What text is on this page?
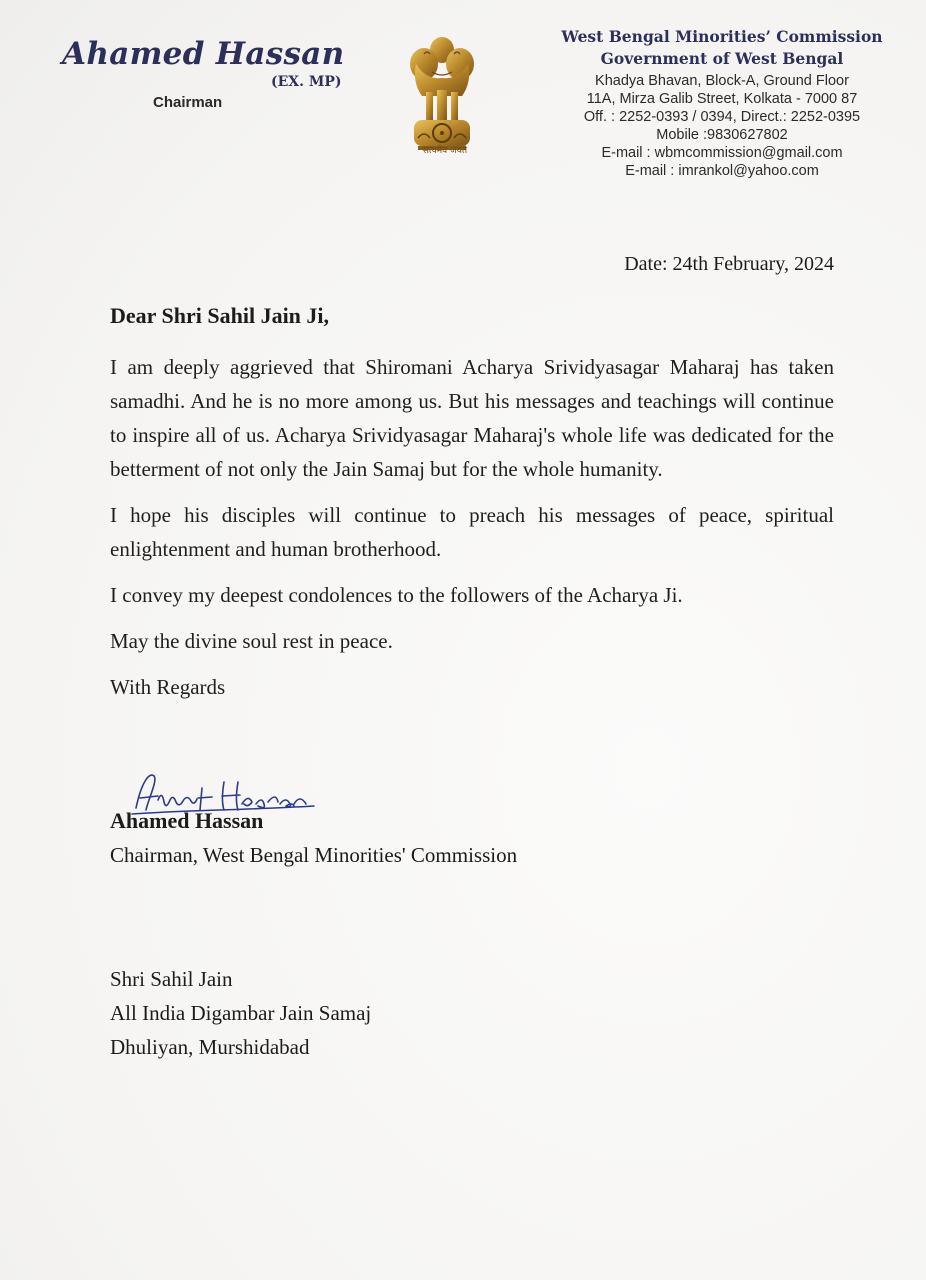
Ahamed Hassan
(EX. MP)
Chairman
सत्यमेव जयते
West Bengal Minorities’ Commission
Government of West Bengal
Khadya Bhavan, Block-A, Ground Floor
11A, Mirza Galib Street, Kolkata - 7000 87
Off. : 2252-0393 / 0394, Direct.: 2252-0395
Mobile :9830627802
E-mail : wbmcommission@gmail.com
E-mail : imrankol@yahoo.com
Date: 24th February, 2024
Dear Shri Sahil Jain Ji,

I am deeply aggrieved that Shiromani Acharya Srividyasagar Maharaj has taken samadhi. And he is no more among us. But his messages and teachings will continue to inspire all of us. Acharya Srividyasagar Maharaj's whole life was dedicated for the betterment of not only the Jain Samaj but for the whole humanity.

I hope his disciples will continue to preach his messages of peace, spiritual enlightenment and human brotherhood.

I convey my deepest condolences to the followers of the Acharya Ji.

May the divine soul rest in peace.

With Regards

Ahamed Hassan
Chairman, West Bengal Minorities' Commission
Shri Sahil Jain
All India Digambar Jain Samaj
Dhuliyan, Murshidabad
